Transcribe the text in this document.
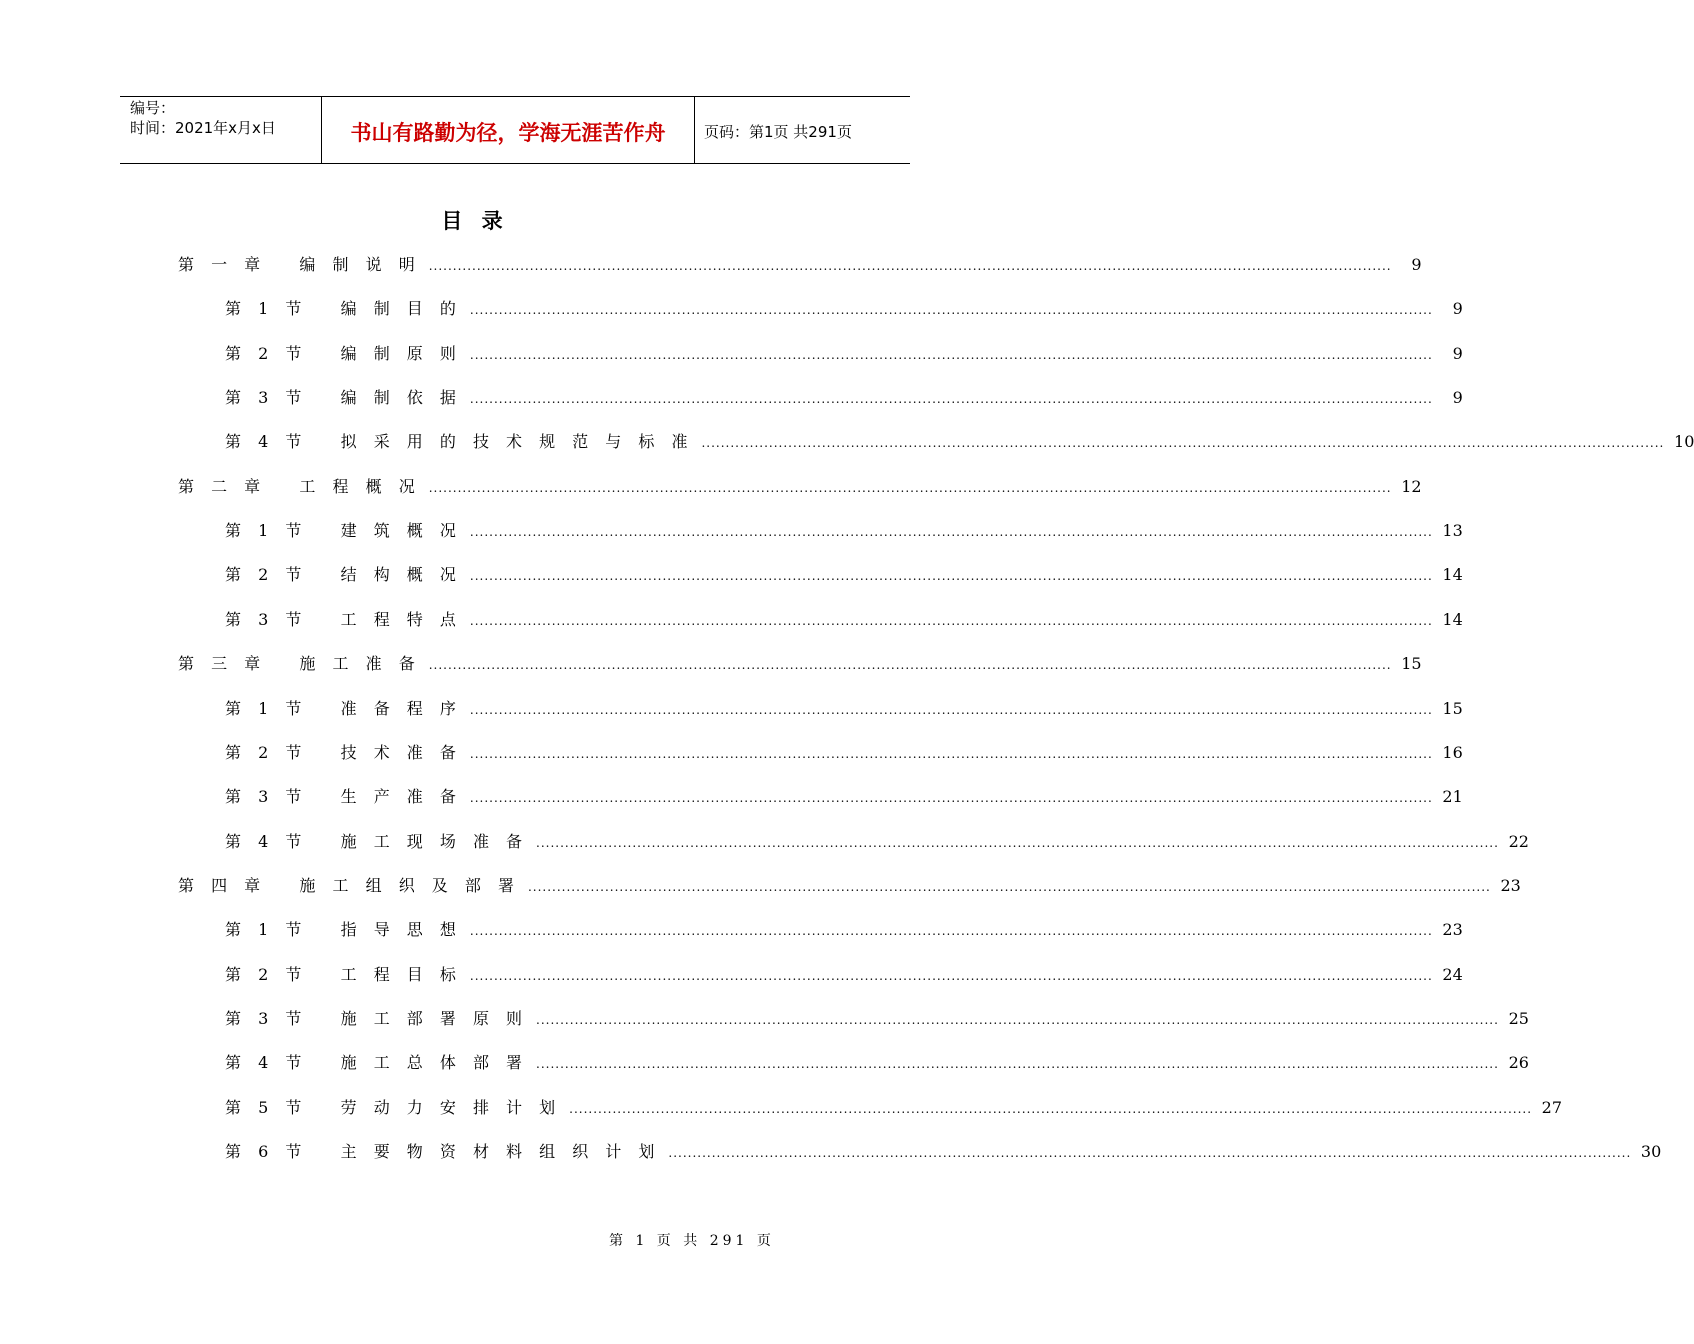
编号：
时间：2021年x月x日	书山有路勤为径，学海无涯苦作舟	页码：第1页 共291页
目 录
第 一 章   编 制 说 明 ........................................................................................................................................................................................................	9
第 1 节   编 制 目 的 ........................................................................................................................................................................................................	9
第 2 节   编 制 原 则 ........................................................................................................................................................................................................	9
第 3 节   编 制 依 据 ........................................................................................................................................................................................................	9
第 4 节   拟 采 用 的 技 术 规 范 与 标 准 ........................................................................................................................................................................................................ 10
第 二 章   工 程 概 况 ........................................................................................................................................................................................................ 12
第 1 节   建 筑 概 况 ........................................................................................................................................................................................................ 13
第 2 节   结 构 概 况 ........................................................................................................................................................................................................ 14
第 3 节   工 程 特 点 ........................................................................................................................................................................................................ 14
第 三 章   施 工 准 备 ........................................................................................................................................................................................................ 15
第 1 节   准 备 程 序 ........................................................................................................................................................................................................ 15
第 2 节   技 术 准 备 ........................................................................................................................................................................................................ 16
第 3 节   生 产 准 备 ........................................................................................................................................................................................................ 21
第 4 节   施 工 现 场 准 备 ........................................................................................................................................................................................................ 22
第 四 章   施 工 组 织 及 部 署 ........................................................................................................................................................................................................ 23
第 1 节   指 导 思 想 ........................................................................................................................................................................................................ 23
第 2 节   工 程 目 标 ........................................................................................................................................................................................................ 24
第 3 节   施 工 部 署 原 则 ........................................................................................................................................................................................................ 25
第 4 节   施 工 总 体 部 署 ........................................................................................................................................................................................................ 26
第 5 节   劳 动 力 安 排 计 划 ........................................................................................................................................................................................................ 27
第 6 节   主 要 物 资 材 料 组 织 计 划 ........................................................................................................................................................................................................ 30
第 1 页 共 291 页
